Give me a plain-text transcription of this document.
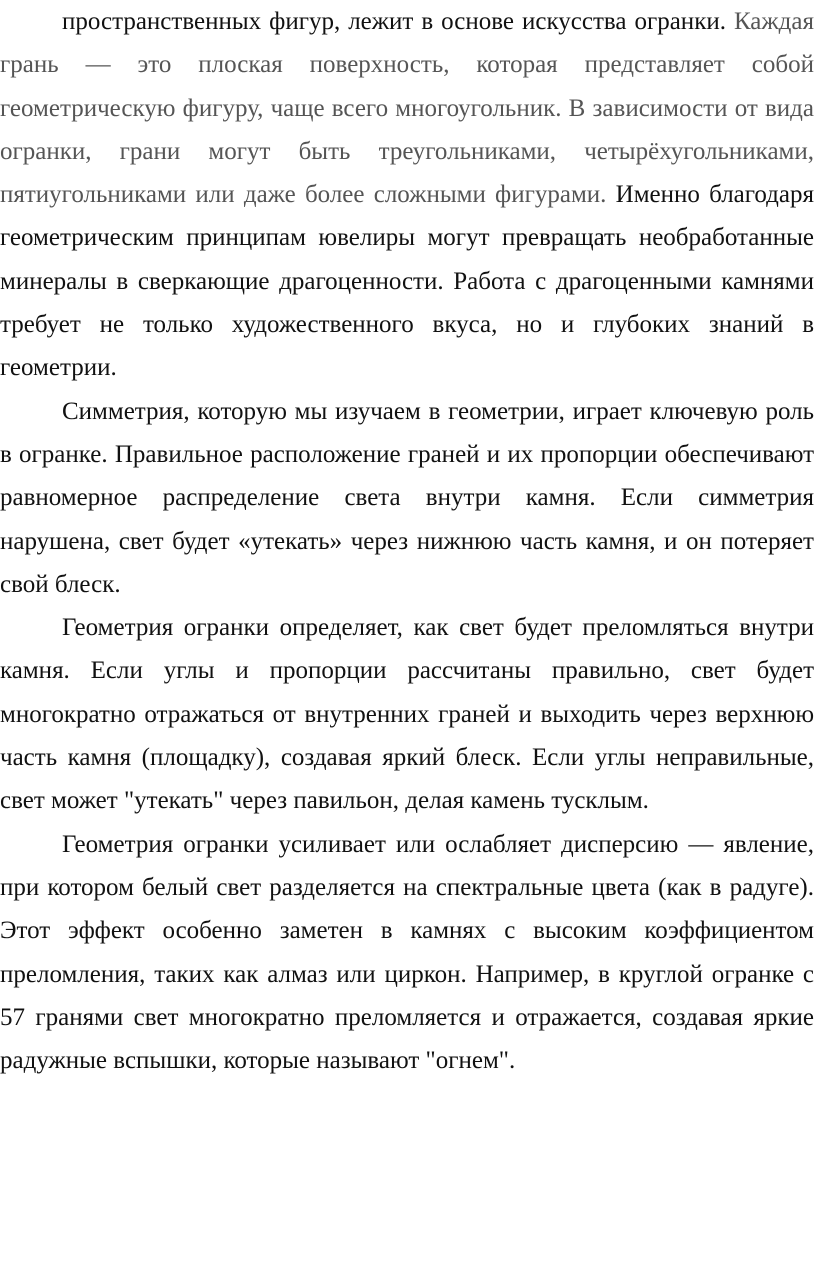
пространственных фигур, лежит в основе искусства огранки. Каждая грань — это плоская поверхность, которая представляет собой геометрическую фигуру, чаще всего многоугольник. В зависимости от вида огранки, грани могут быть треугольниками, четырёхугольниками, пятиугольниками или даже более сложными фигурами. Именно благодаря геометрическим принципам ювелиры могут превращать необработанные минералы в сверкающие драгоценности. Работа с драгоценными камнями требует не только художественного вкуса, но и глубоких знаний в геометрии.

Симметрия, которую мы изучаем в геометрии, играет ключевую роль в огранке. Правильное расположение граней и их пропорции обеспечивают равномерное распределение света внутри камня. Если симметрия нарушена, свет будет «утекать» через нижнюю часть камня, и он потеряет свой блеск.

Геометрия огранки определяет, как свет будет преломляться внутри камня. Если углы и пропорции рассчитаны правильно, свет будет многократно отражаться от внутренних граней и выходить через верхнюю часть камня (площадку), создавая яркий блеск. Если углы неправильные, свет может "утекать" через павильон, делая камень тусклым.

Геометрия огранки усиливает или ослабляет дисперсию — явление, при котором белый свет разделяется на спектральные цвета (как в радуге). Этот эффект особенно заметен в камнях с высоким коэффициентом преломления, таких как алмаз или циркон. Например, в круглой огранке с 57 гранями свет многократно преломляется и отражается, создавая яркие радужные вспышки, которые называют "огнем".
